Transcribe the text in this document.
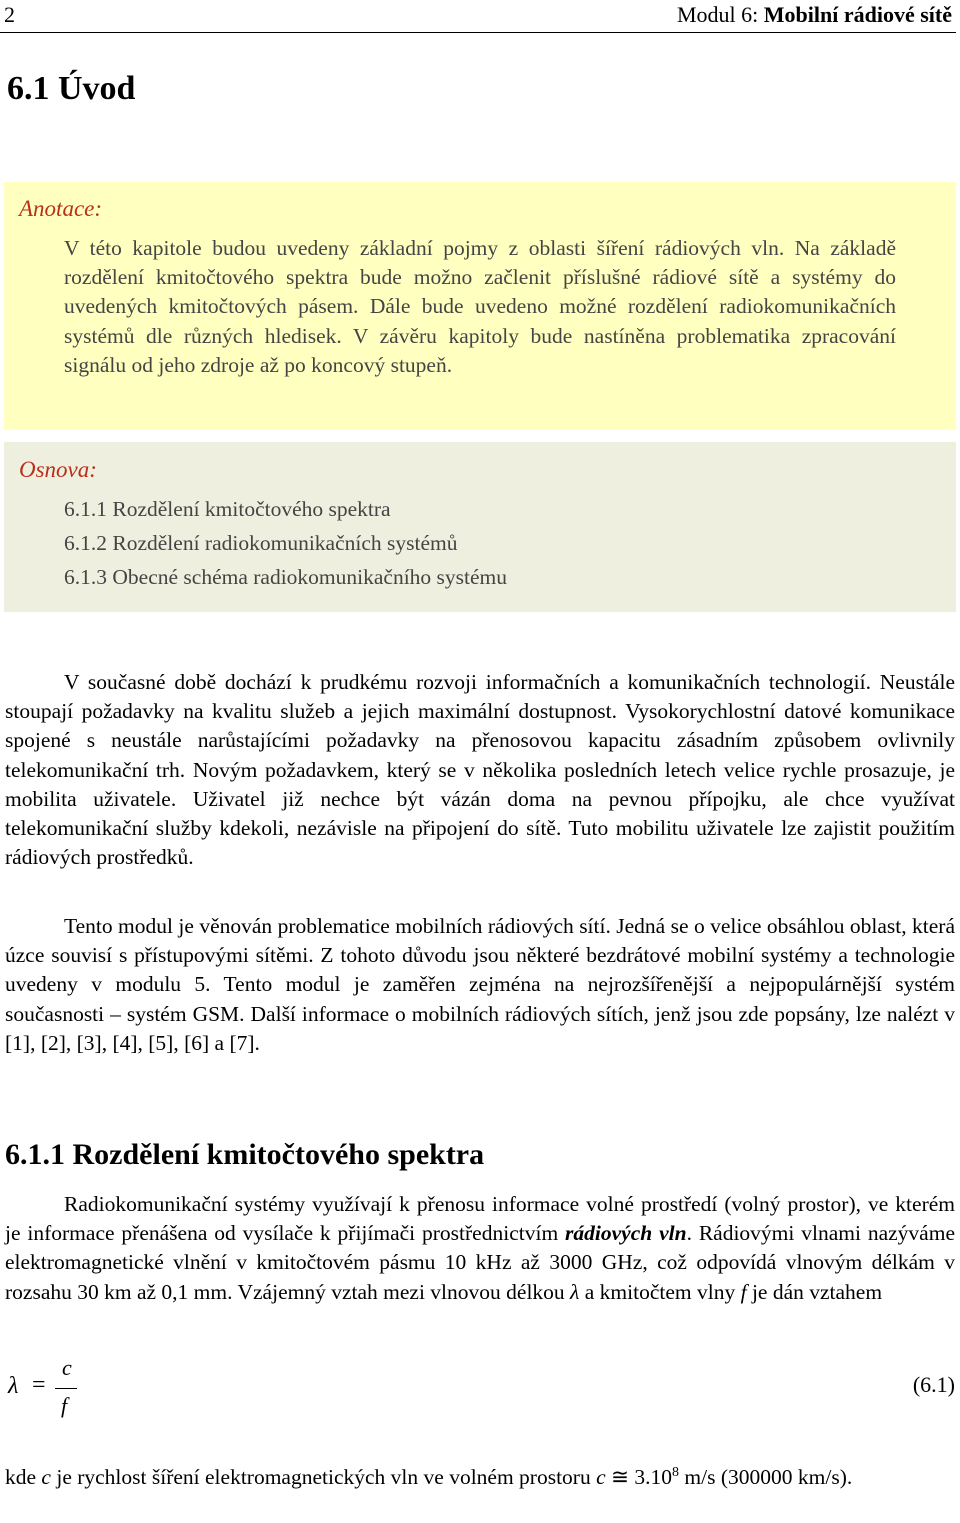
2	Modul 6: Mobilní rádiové sítě
6.1 Úvod
Anotace:

V této kapitole budou uvedeny základní pojmy z oblasti šíření rádiových vln. Na základě rozdělení kmitočtového spektra bude možno začlenit příslušné rádiové sítě a systémy do uvedených kmitočtových pásem. Dále bude uvedeno možné rozdělení radiokomunikačních systémů dle různých hledisek. V závěru kapitoly bude nastíněna problematika zpracování signálu od jeho zdroje až po koncový stupeň.

Osnova:
6.1.1 Rozdělení kmitočtového spektra
6.1.2 Rozdělení radiokomunikačních systémů
6.1.3 Obecné schéma radiokomunikačního systému

V současné době dochází k prudkému rozvoji informačních a komunikačních technologií. Neustále stoupají požadavky na kvalitu služeb a jejich maximální dostupnost. Vysokorychlostní datové komunikace spojené s neustále narůstajícími požadavky na přenosovou kapacitu zásadním způsobem ovlivnily telekomunikační trh. Novým požadavkem, který se v několika posledních letech velice rychle prosazuje, je mobilita uživatele. Uživatel již nechce být vázán doma na pevnou přípojku, ale chce využívat telekomunikační služby kdekoli, nezávisle na připojení do sítě. Tuto mobilitu uživatele lze zajistit použitím rádiových prostředků.

Tento modul je věnován problematice mobilních rádiových sítí. Jedná se o velice obsáhlou oblast, která úzce souvisí s přístupovými sítěmi. Z tohoto důvodu jsou některé bezdrátové mobilní systémy a technologie uvedeny v modulu 5. Tento modul je zaměřen zejména na nejrozšířenější a nejpopulárnější systém současnosti – systém GSM. Další informace o mobilních rádiových sítích, jenž jsou zde popsány, lze nalézt v [1], [2], [3], [4], [5], [6] a [7].

6.1.1 Rozdělení kmitočtového spektra

Radiokomunikační systémy využívají k přenosu informace volné prostředí (volný prostor), ve kterém je informace přenášena od vysílače k přijímači prostřednictvím rádiových vln. Rádiovými vlnami nazýváme elektromagnetické vlnění v kmitočtovém pásmu 10 kHz až 3000 GHz, což odpovídá vlnovým délkám v rozsahu 30 km až 0,1 mm. Vzájemný vztah mezi vlnovou délkou λ a kmitočtem vlny f je dán vztahem

λ =
c
f
(6.1)

kde c je rychlost šíření elektromagnetických vln ve volném prostoru c ≅ 3.10$^8$ m/s (300000 km/s).
